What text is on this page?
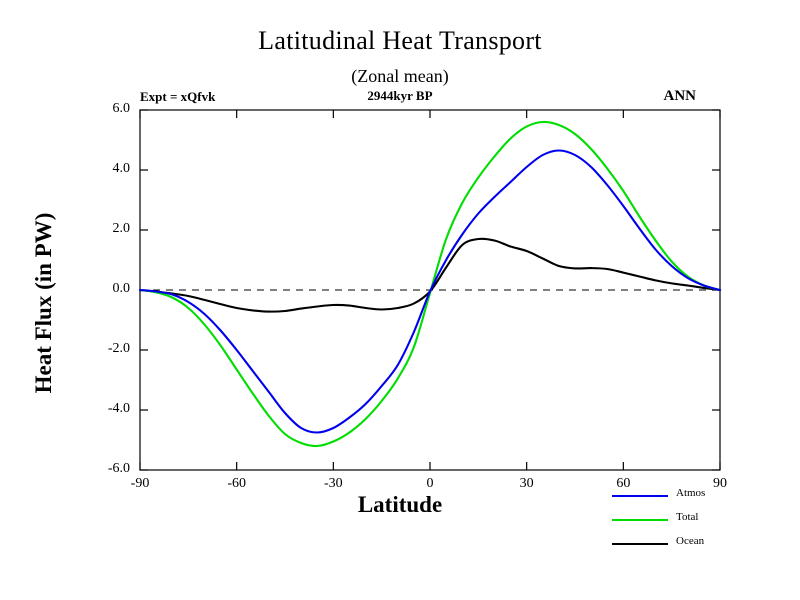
Latitudinal Heat Transport
(Zonal mean)
Expt = xQfvk	2944kyr BP	ANN
Heat Flux (in PW)
Latitude
-6.0
-4.0
-2.0
0.0
2.0
4.0
6.0
-90	-60	-30	0	30	60	90
Atmos
Total
Ocean
